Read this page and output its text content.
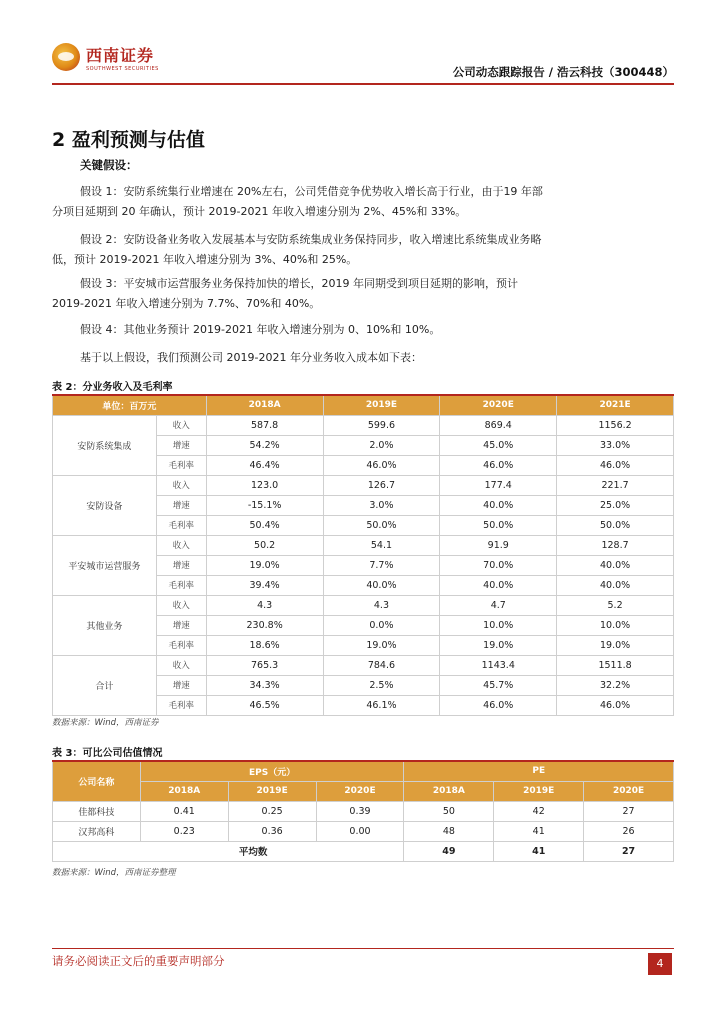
西南证券
SOUTHWEST SECURITIES	公司动态跟踪报告 / 浩云科技（300448）
2 盈利预测与估值
关键假设：
假设 1：安防系统集行业增速在 20%左右，公司凭借竞争优势收入增长高于行业，由于19 年部分项目延期到 20 年确认，预计 2019-2021 年收入增速分别为 2%、45%和 33%。
假设 2：安防设备业务收入发展基本与安防系统集成业务保持同步，收入增速比系统集成业务略低，预计 2019-2021 年收入增速分别为 3%、40%和 25%。
假设 3：平安城市运营服务业务保持加快的增长，2019 年同期受到项目延期的影响，预计 2019-2021 年收入增速分别为 7.7%、70%和 40%。
假设 4：其他业务预计 2019-2021 年收入增速分别为 0、10%和 10%。
基于以上假设，我们预测公司 2019-2021 年分业务收入成本如下表：
表 2：分业务收入及毛利率
单位：百万元		2018A	2019E	2020E	2021E
安防系统集成	收入	587.8	599.6	869.4	1156.2
	增速	54.2%	2.0%	45.0%	33.0%
	毛利率	46.4%	46.0%	46.0%	46.0%
安防设备	收入	123.0	126.7	177.4	221.7
	增速	-15.1%	3.0%	40.0%	25.0%
	毛利率	50.4%	50.0%	50.0%	50.0%
平安城市运营服务	收入	50.2	54.1	91.9	128.7
	增速	19.0%	7.7%	70.0%	40.0%
	毛利率	39.4%	40.0%	40.0%	40.0%
其他业务	收入	4.3	4.3	4.7	5.2
	增速	230.8%	0.0%	10.0%	10.0%
	毛利率	18.6%	19.0%	19.0%	19.0%
合计	收入	765.3	784.6	1143.4	1511.8
	增速	34.3%	2.5%	45.7%	32.2%
	毛利率	46.5%	46.1%	46.0%	46.0%
数据来源：Wind，西南证券
表 3：可比公司估值情况
公司名称	EPS（元）			PE		
	2018A	2019E	2020E	2018A	2019E	2020E
佳都科技	0.41	0.25	0.39	50	42	27
汉邦高科	0.23	0.36	0.00	48	41	26
平均数				49	41	27
数据来源：Wind，西南证券整理
请务必阅读正文后的重要声明部分	4
